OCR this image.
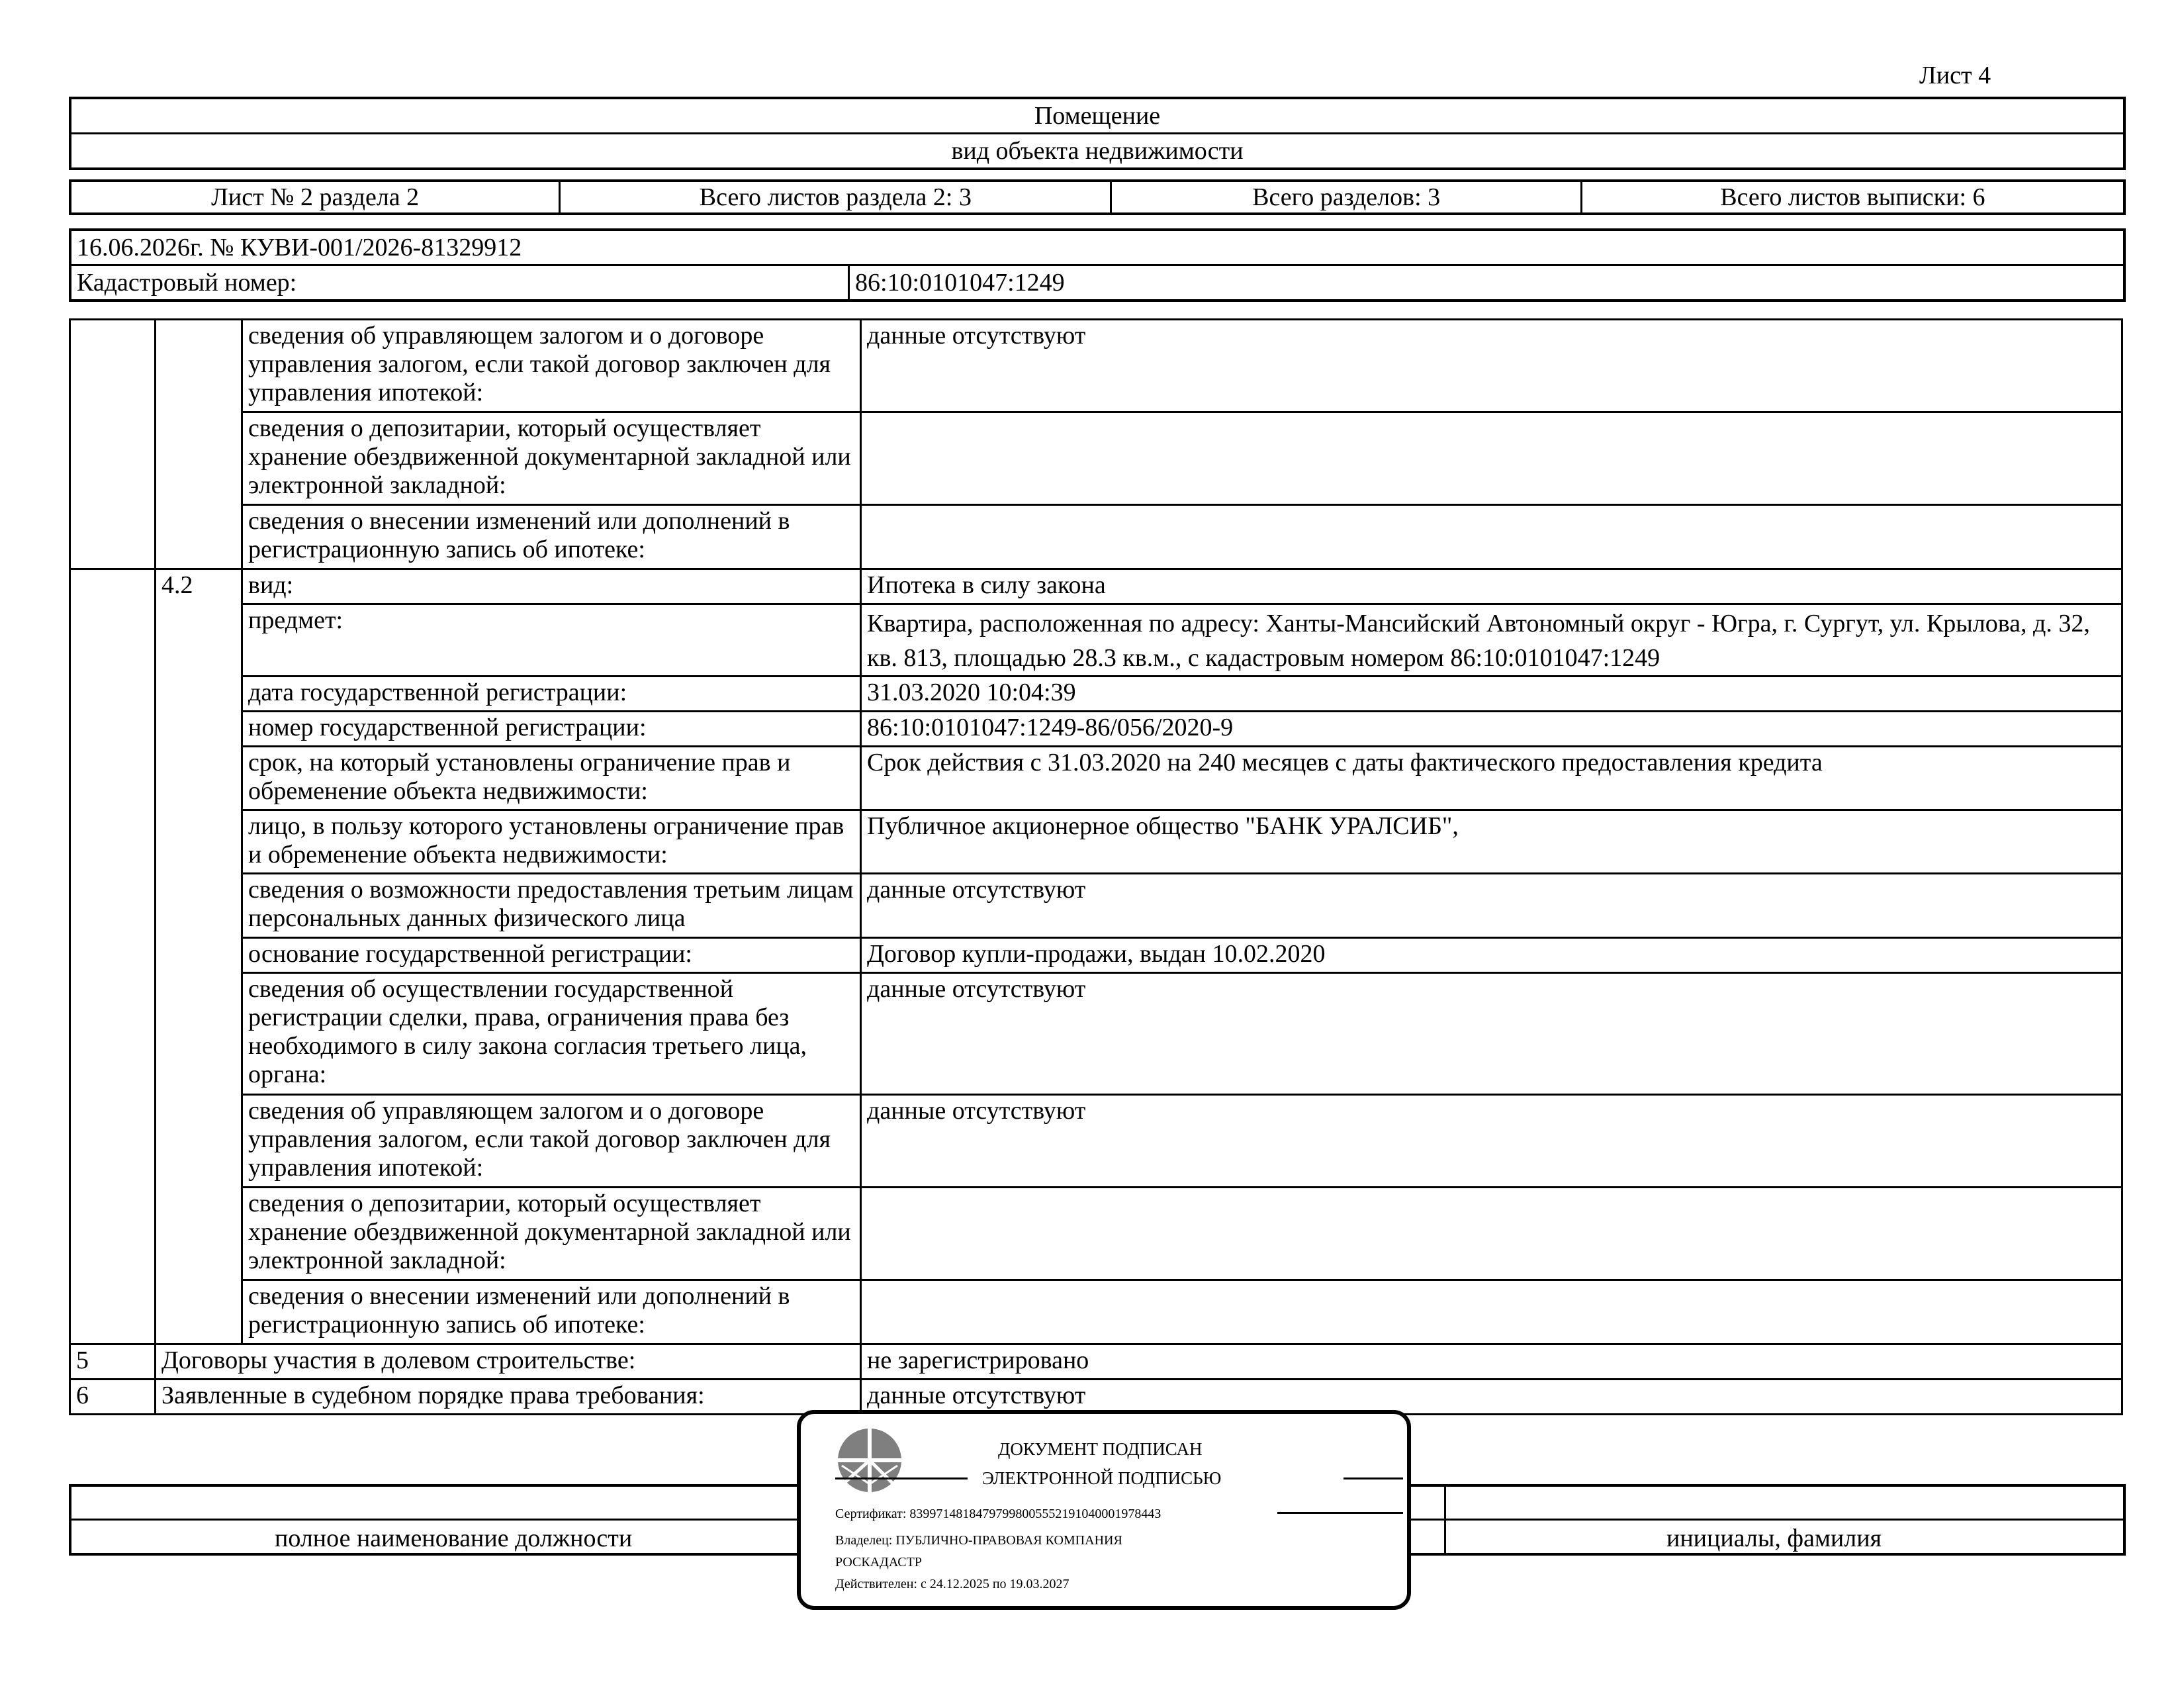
Лист 4
Помещение
вид объекта недвижимости
Лист № 2 раздела 2	Всего листов раздела 2: 3	Всего разделов: 3	Всего листов выписки: 6
16.06.2026г. № КУВИ-001/2026-81329912
Кадастровый номер:	86:10:0101047:1249
		сведения об управляющем залогом и о договоре управления залогом, если такой договор заключен для управления ипотекой:	данные отсутствуют
		сведения о депозитарии, который осуществляет хранение обездвиженной документарной закладной или электронной закладной:	
		сведения о внесении изменений или дополнений в регистрационную запись об ипотеке:	
	4.2	вид:	Ипотека в силу закона
		предмет:	Квартира, расположенная по адресу: Ханты-Мансийский Автономный округ - Югра, г. Сургут, ул. Крылова, д. 32, кв. 813, площадью 28.3 кв.м., с кадастровым номером 86:10:0101047:1249
		дата государственной регистрации:	31.03.2020 10:04:39
		номер государственной регистрации:	86:10:0101047:1249-86/056/2020-9
		срок, на который установлены ограничение прав и обременение объекта недвижимости:	Срок действия с 31.03.2020 на 240 месяцев с даты фактического предоставления кредита
		лицо, в пользу которого установлены ограничение прав и обременение объекта недвижимости:	Публичное акционерное общество "БАНК УРАЛСИБ",
		сведения о возможности предоставления третьим лицам персональных данных физического лица	данные отсутствуют
		основание государственной регистрации:	Договор купли-продажи, выдан 10.02.2020
		сведения об осуществлении государственной регистрации сделки, права, ограничения права без необходимого в силу закона согласия третьего лица, органа:	данные отсутствуют
		сведения об управляющем залогом и о договоре управления залогом, если такой договор заключен для управления ипотекой:	данные отсутствуют
		сведения о депозитарии, который осуществляет хранение обездвиженной документарной закладной или электронной закладной:	
		сведения о внесении изменений или дополнений в регистрационную запись об ипотеке:	
5	Договоры участия в долевом строительстве:		не зарегистрировано
6	Заявленные в судебном порядке права требования:		данные отсутствуют
полное наименование должности	инициалы, фамилия
ДОКУМЕНТ ПОДПИСАН
ЭЛЕКТРОННОЙ ПОДПИСЬЮ
Сертификат: 8399714818479799800555219104000197844З
Владелец: ПУБЛИЧНО-ПРАВОВАЯ КОМПАНИЯ
РОСКАДАСТР
Действителен: с 24.12.2025 по 19.03.2027
